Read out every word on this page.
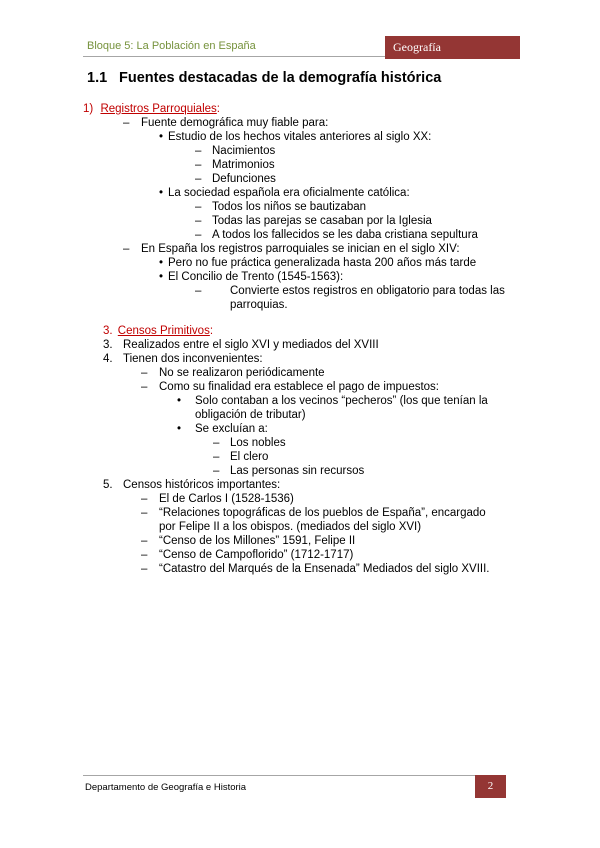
Bloque 5: La Población en España	Geografía
1.1 Fuentes destacadas de la demografía histórica
1) Registros Parroquiales:
– Fuente demográfica muy fiable para:
• Estudio de los hechos vitales anteriores al siglo XX:
– Nacimientos
– Matrimonios
– Defunciones
• La sociedad española era oficialmente católica:
– Todos los niños se bautizaban
– Todas las parejas se casaban por la Iglesia
– A todos los fallecidos se les daba cristiana sepultura
– En España los registros parroquiales se inician en el siglo XIV:
• Pero no fue práctica generalizada hasta 200 años más tarde
• El Concilio de Trento (1545-1563):
– Convierte estos registros en obligatorio para todas las
parroquias.
3. Censos Primitivos:
3. Realizados entre el siglo XVI y mediados del XVIII
4. Tienen dos inconvenientes:
– No se realizaron periódicamente
– Como su finalidad era establece el pago de impuestos:
• Solo contaban a los vecinos “pecheros” (los que tenían la
obligación de tributar)
• Se excluían a:
– Los nobles
– El clero
– Las personas sin recursos
5. Censos históricos importantes:
– El de Carlos I (1528-1536)
– “Relaciones topográficas de los pueblos de España”, encargado
por Felipe II a los obispos. (mediados del siglo XVI)
– “Censo de los Millones” 1591, Felipe II
– “Censo de Campoflorido” (1712-1717)
– “Catastro del Marqués de la Ensenada” Mediados del siglo XVIII.
Departamento de Geografía e Historia	2
